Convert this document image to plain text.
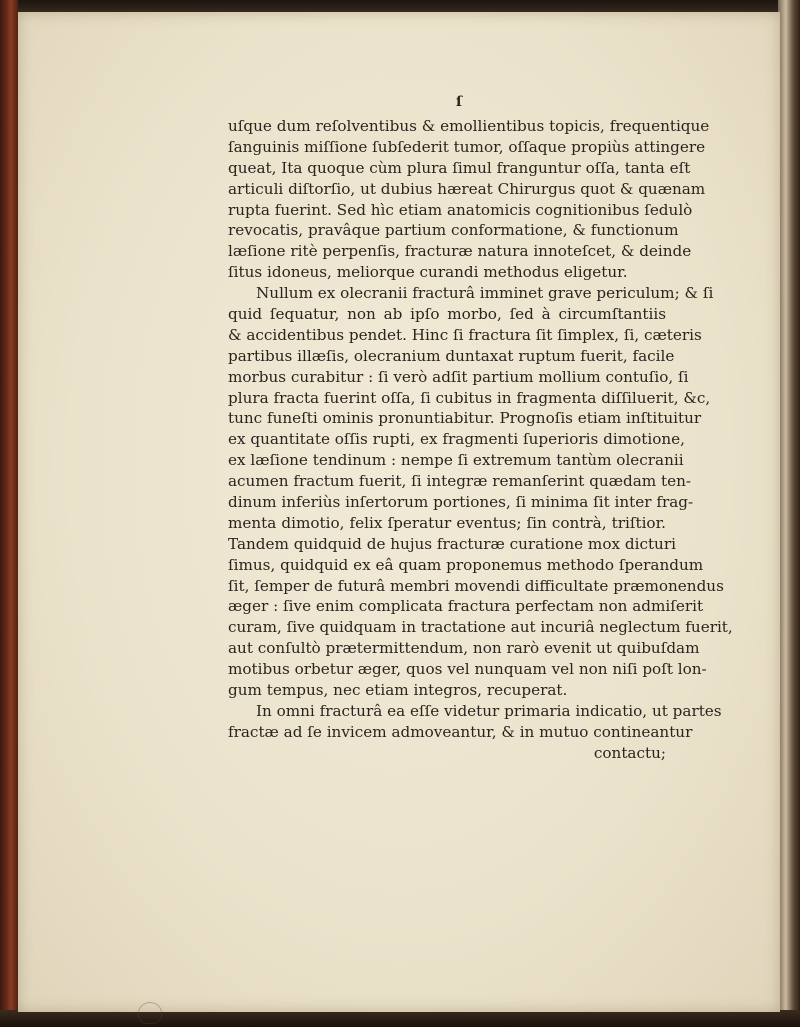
ſ
uſque dum reſolventibus & emollientibus topicis, frequentique
ſanguinis miſſione ſubſederit tumor, oſſaque propiùs attingere
queat, Ita quoque cùm plura ſimul franguntur oſſa, tanta eſt
articuli diſtorſio, ut dubius hæreat Chirurgus quot & quænam
rupta fuerint. Sed hìc etiam anatomicis cognitionibus ſedulò
revocatis, pravâque partium conformatione, & functionum
læſione ritè perpenſis, fracturæ natura innoteſcet, & deinde
ſitus idoneus, meliorque curandi methodus eligetur.
Nullum ex olecranii fracturâ imminet grave periculum; & ſi
quid ſequatur, non ab ipſo morbo, ſed à circumſtantiis
& accidentibus pendet. Hinc ſi fractura ſit ſimplex, ſi, cæteris
partibus illæſis, olecranium duntaxat ruptum fuerit, facile
morbus curabitur : ſi verò adſit partium mollium contuſio, ſi
plura fracta fuerint oſſa, ſi cubitus in fragmenta diſſiluerit, &c,
tunc funeſti ominis pronuntiabitur. Prognoſis etiam inſtituitur
ex quantitate oſſis rupti, ex fragmenti ſuperioris dimotione,
ex læſione tendinum : nempe ſi extremum tantùm olecranii
acumen fractum fuerit, ſi integræ remanſerint quædam ten-
dinum inferiùs inſertorum portiones, ſi minima ſit inter frag-
menta dimotio, felix ſperatur eventus; ſin contrà, triſtior.
Tandem quidquid de hujus fracturæ curatione mox dicturi
ſimus, quidquid ex eâ quam proponemus methodo ſperandum
ſit, ſemper de futurâ membri movendi difficultate præmonendus
æger : ſive enim complicata fractura perfectam non admiſerit
curam, ſive quidquam in tractatione aut incuriâ neglectum fuerit,
aut conſultò prætermittendum, non rarò evenit ut quibuſdam
motibus orbetur æger, quos vel nunquam vel non niſi poſt lon-
gum tempus, nec etiam integros, recuperat.
In omni fracturâ ea eſſe videtur primaria indicatio, ut partes
fractæ ad ſe invicem admoveantur, & in mutuo contineantur
contactu;
